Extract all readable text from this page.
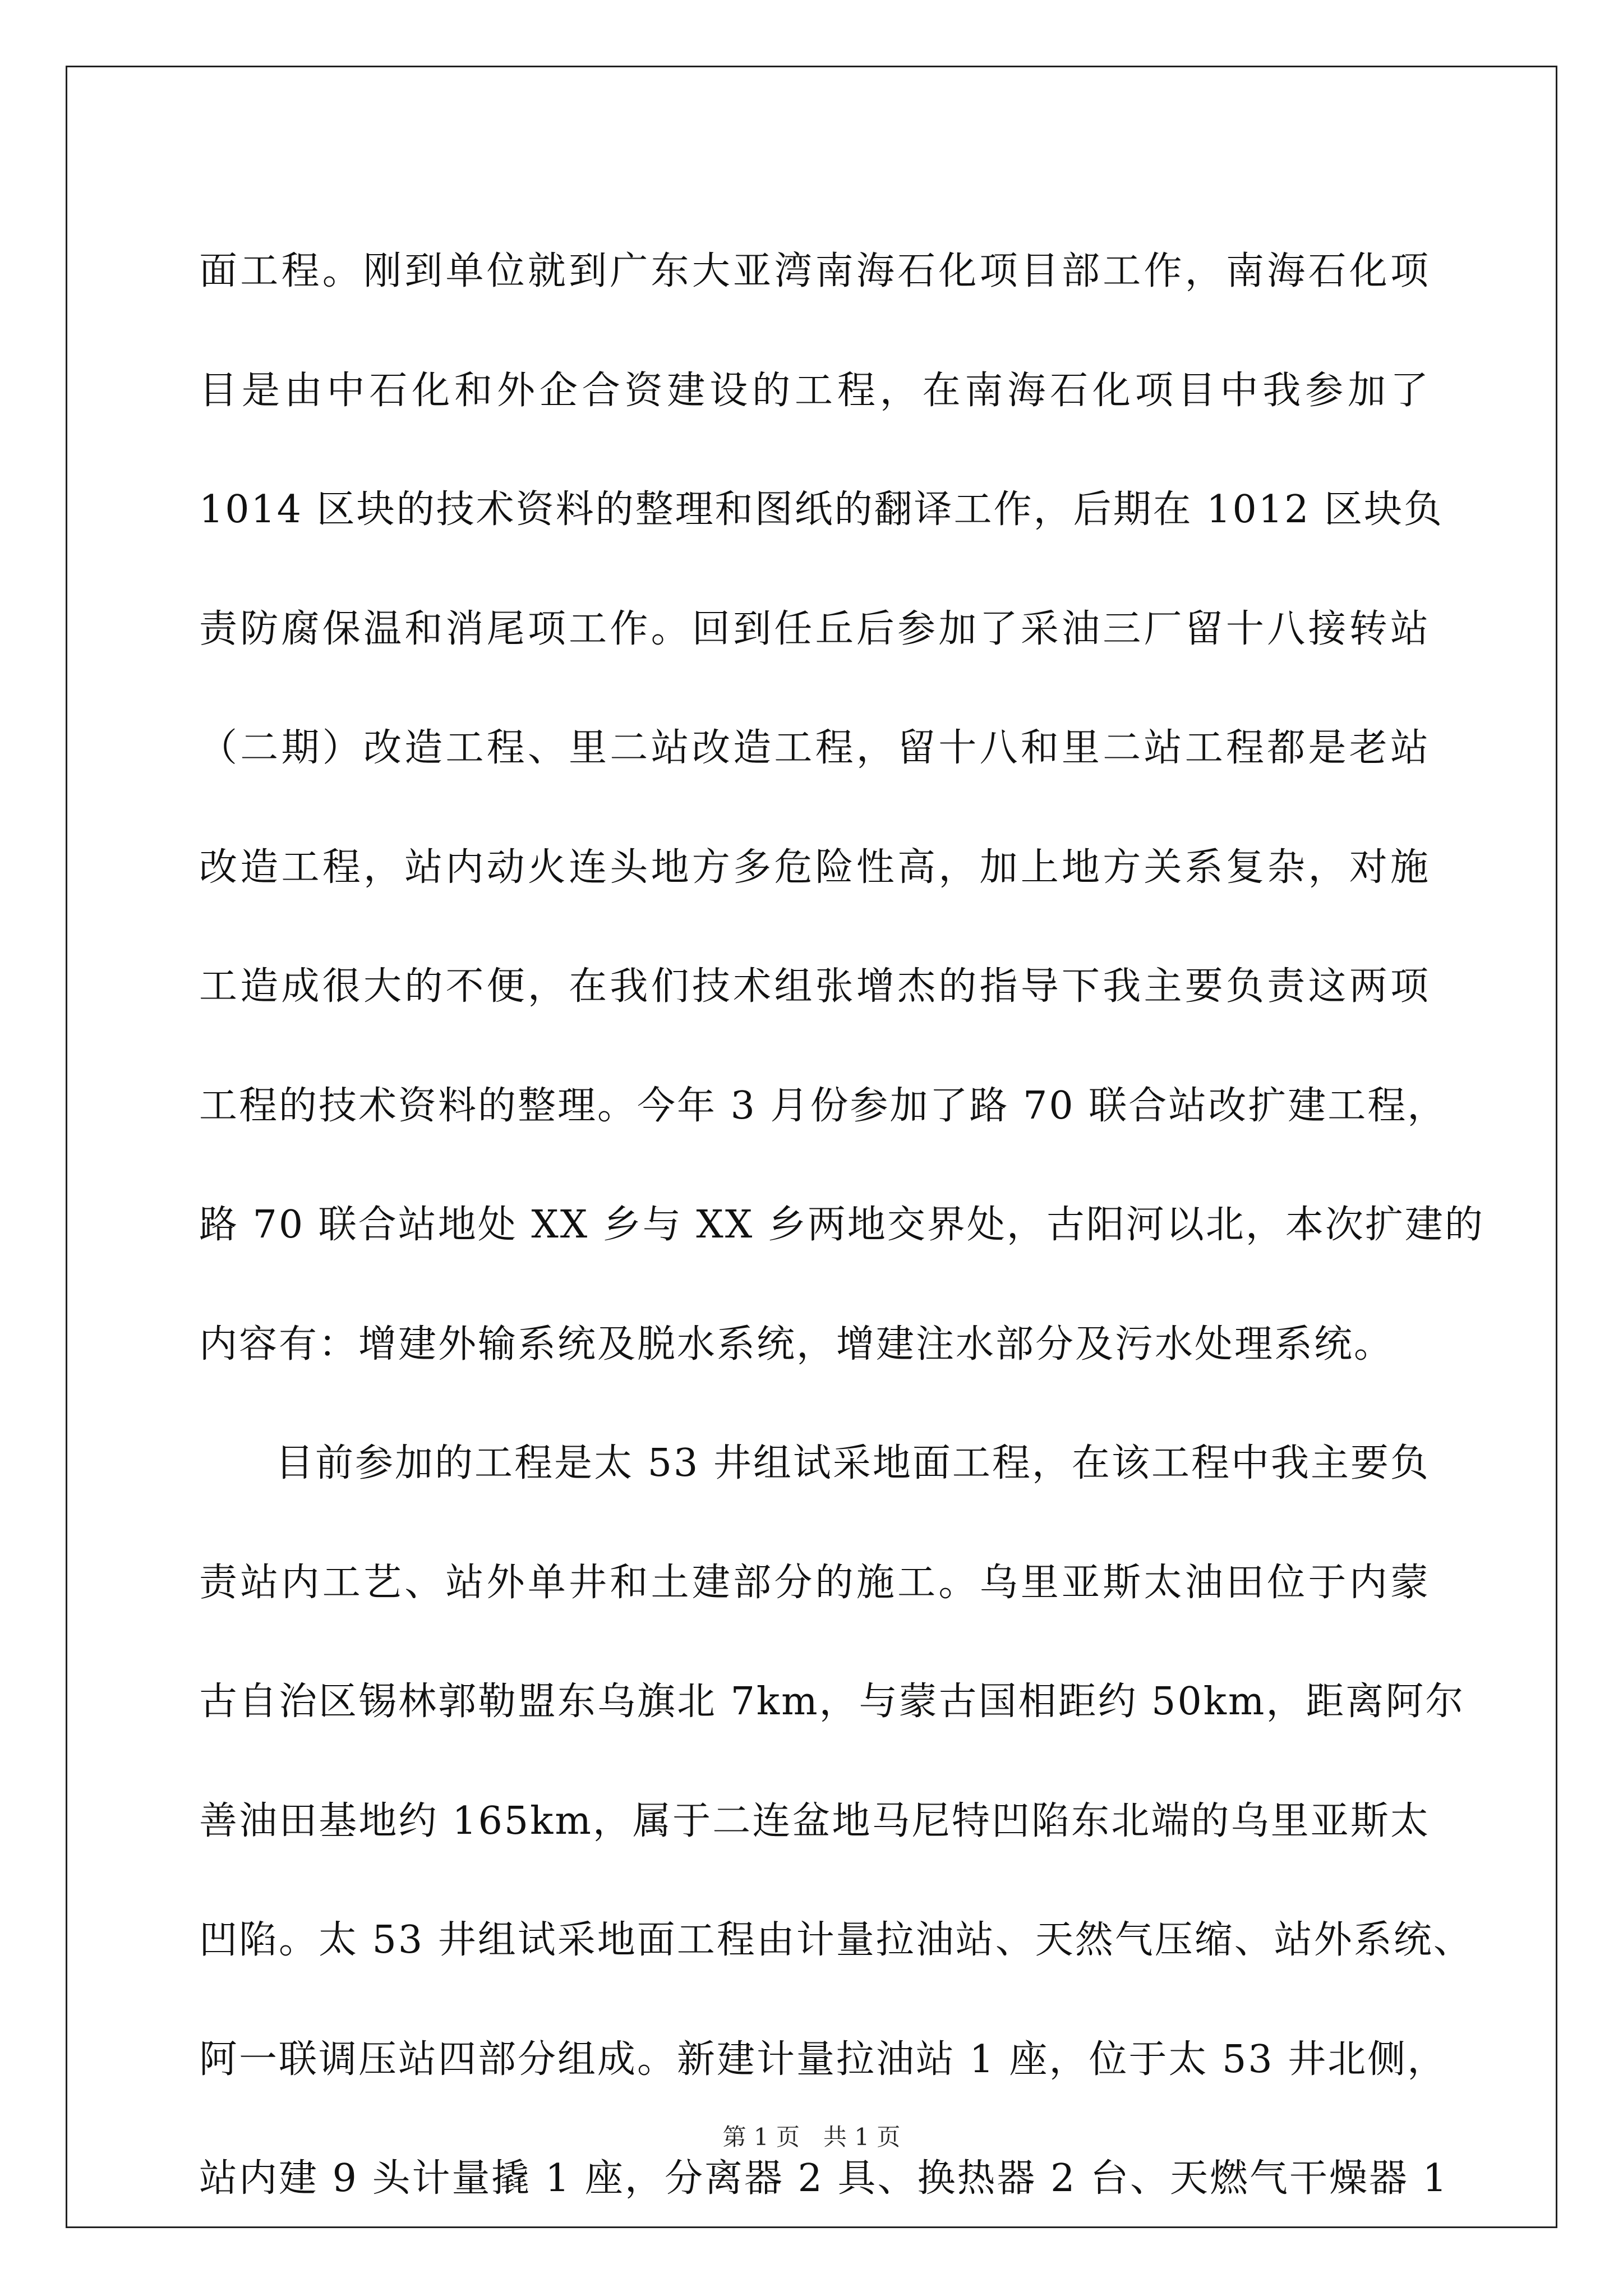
面工程。刚到单位就到广东大亚湾南海石化项目部工作，南海石化项
目是由中石化和外企合资建设的工程，在南海石化项目中我参加了
1014 区块的技术资料的整理和图纸的翻译工作，后期在 1012 区块负
责防腐保温和消尾项工作。回到任丘后参加了采油三厂留十八接转站
（二期）改造工程、里二站改造工程，留十八和里二站工程都是老站
改造工程，站内动火连头地方多危险性高，加上地方关系复杂，对施
工造成很大的不便，在我们技术组张增杰的指导下我主要负责这两项
工程的技术资料的整理。今年 3 月份参加了路 70 联合站改扩建工程，
路 70 联合站地处 XX 乡与 XX 乡两地交界处，古阳河以北，本次扩建的
内容有：增建外输系统及脱水系统，增建注水部分及污水处理系统。
目前参加的工程是太 53 井组试采地面工程，在该工程中我主要负
责站内工艺、站外单井和土建部分的施工。乌里亚斯太油田位于内蒙
古自治区锡林郭勒盟东乌旗北 7km，与蒙古国相距约 50km，距离阿尔
善油田基地约 165km，属于二连盆地马尼特凹陷东北端的乌里亚斯太
凹陷。太 53 井组试采地面工程由计量拉油站、天然气压缩、站外系统、
阿一联调压站四部分组成。新建计量拉油站 1 座，位于太 53 井北侧，
站内建 9 头计量撬 1 座，分离器 2 具、换热器 2 台、天燃气干燥器 1
第 1 页　共 1 页
